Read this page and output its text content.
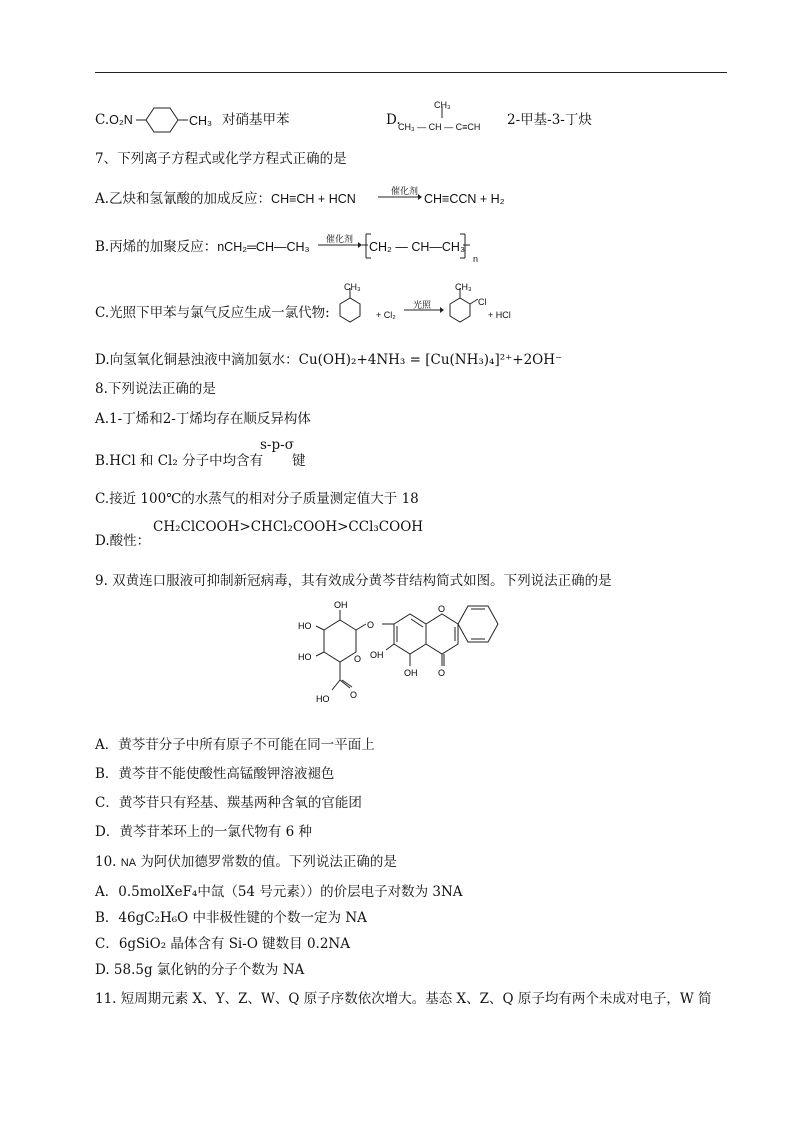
C.O₂N	CH₃ 对硝基甲苯	D.
CH₃
CH₃ — CH — C≡CH 2-甲基-3-丁炔
7、下列离子方程式或化学方程式正确的是
A.乙炔和氢氰酸的加成反应：CH≡CH + HCN
催化剂
CH≡CCN + H₂
B.丙烯的加聚反应：nCH₂═CH—CH₃
催化剂
CH₂ — CH—CH₃
n
C.光照下甲苯与氯气反应生成一氯代物:
CH₃
+ Cl₂
光照
CH₃
Cl
+ HCl
D.向氢氧化铜悬浊液中滴加氨水：Cu(OH)₂+4NH₃ = [Cu(NH₃)₄]²⁺+2OH⁻
8.下列说法正确的是
A.1-丁烯和2-丁烯均存在顺反异构体
B.HCl 和 Cl₂ 分子中均含有
s-p-σ
键
C.接近 100℃的水蒸气的相对分子质量测定值大于 18
CH₂ClCOOH>CHCl₂COOH>CCl₃COOH
D.酸性：
9. 双黄连口服液可抑制新冠病毒，其有效成分黄芩苷结构简式如图。下列说法正确的是
OH
HO
HO
O
O
O
OH
HO O
OH O
A．黄芩苷分子中所有原子不可能在同一平面上
B．黄芩苷不能使酸性高锰酸钾溶液褪色
C．黄芩苷只有羟基、羰基两种含氧的官能团
D．黄芩苷苯环上的一氯代物有 6 种
10. NA 为阿伏加德罗常数的值。下列说法正确的是
A．0.5molXeF₄中氙（54 号元素））的价层电子对数为 3NA
B．46gC₂H₆O 中非极性键的个数一定为 NA
C．6gSiO₂ 晶体含有 Si-O 键数目 0.2NA
D. 58.5g 氯化钠的分子个数为 NA
11. 短周期元素 X、Y、Z、W、Q 原子序数依次增大。基态 X、Z、Q 原子均有两个未成对电子，W 简
